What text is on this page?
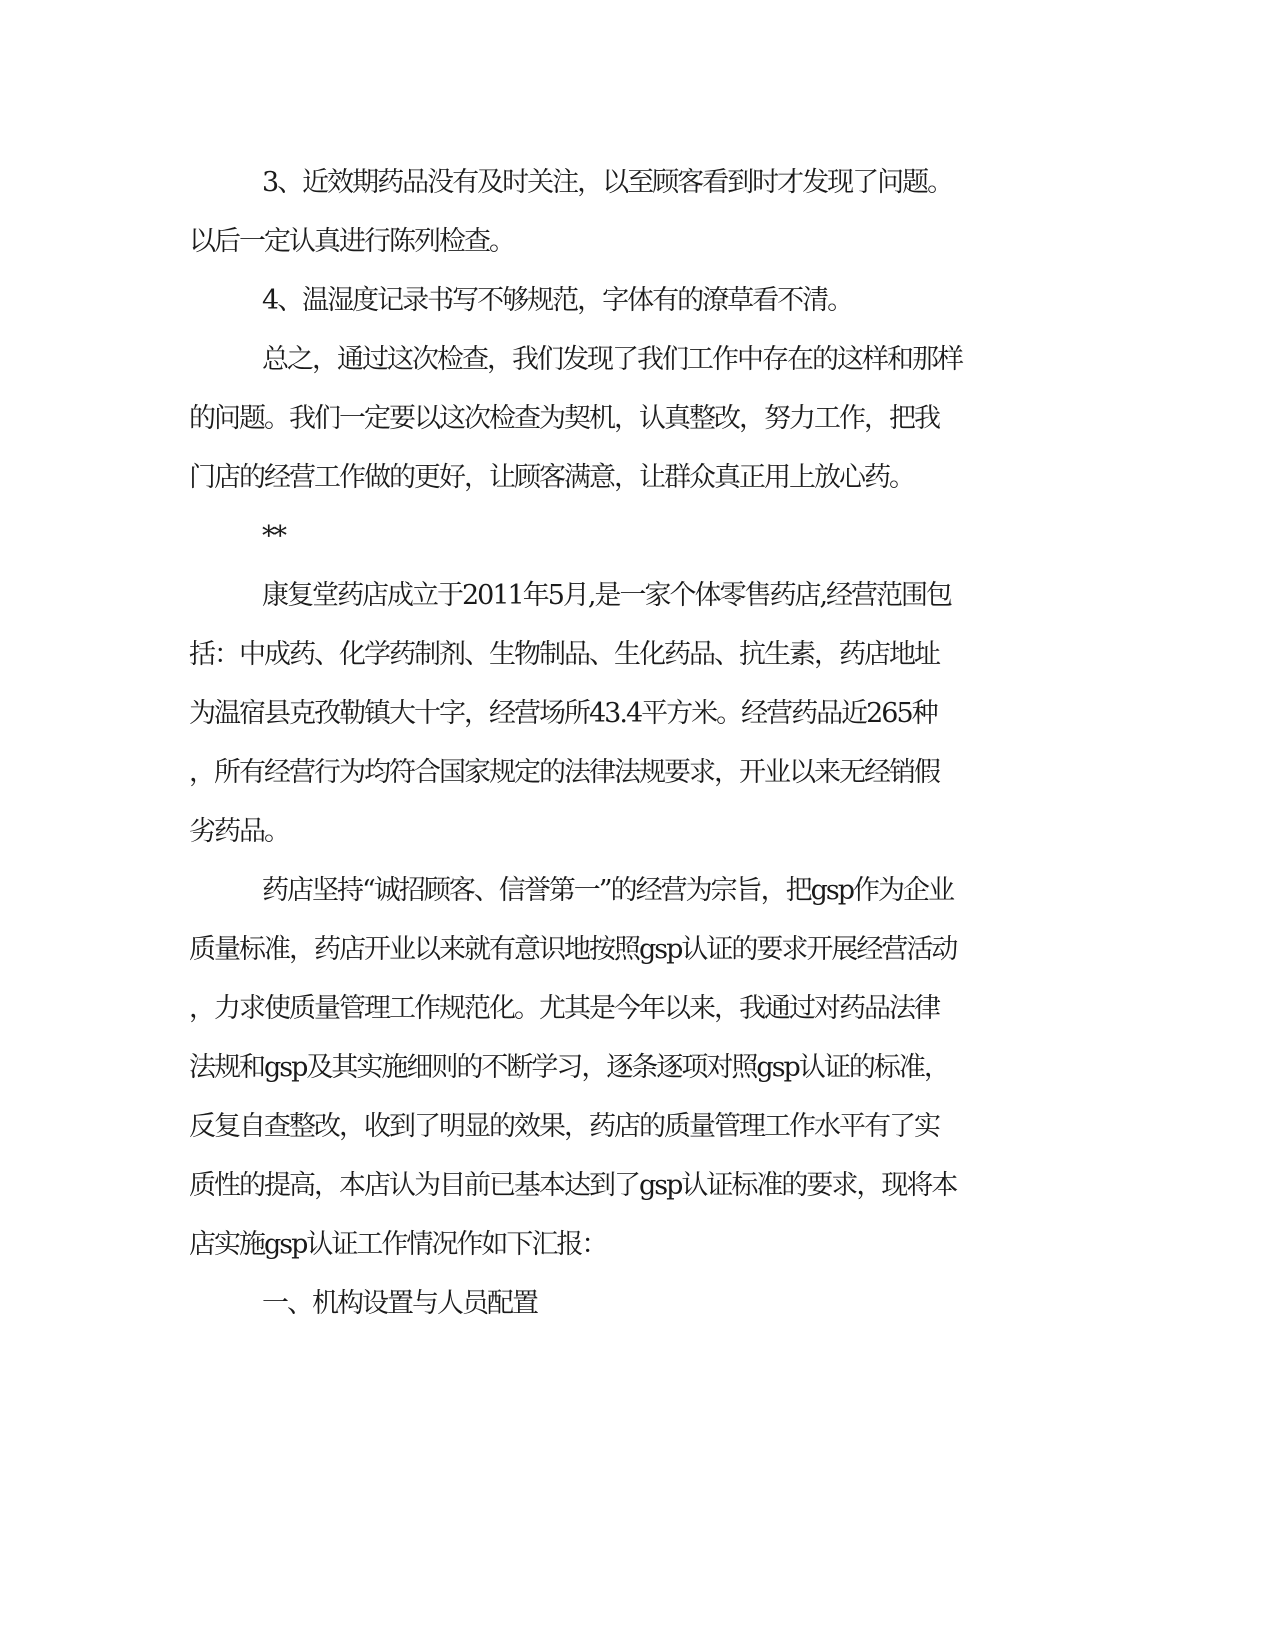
3、近效期药品没有及时关注，以至顾客看到时才发现了问题。

以后一定认真进行陈列检查。

4、温湿度记录书写不够规范，字体有的潦草看不清。

总之，通过这次检查，我们发现了我们工作中存在的这样和那样

的问题。我们一定要以这次检查为契机，认真整改，努力工作，把我

门店的经营工作做的更好，让顾客满意，让群众真正用上放心药。

**

康复堂药店成立于2011年5月,是一家个体零售药店,经营范围包

括：中成药、化学药制剂、生物制品、生化药品、抗生素，药店地址

为温宿县克孜勒镇大十字，经营场所43.4平方米。经营药品近265种

，所有经营行为均符合国家规定的法律法规要求，开业以来无经销假

劣药品。

药店坚持“诚招顾客、信誉第一”的经营为宗旨，把gsp作为企业

质量标准，药店开业以来就有意识地按照gsp认证的要求开展经营活动

，力求使质量管理工作规范化。尤其是今年以来，我通过对药品法律

法规和gsp及其实施细则的不断学习，逐条逐项对照gsp认证的标准，

反复自查整改，收到了明显的效果，药店的质量管理工作水平有了实

质性的提高，本店认为目前已基本达到了gsp认证标准的要求，现将本

店实施gsp认证工作情况作如下汇报：

一、机构设置与人员配置
